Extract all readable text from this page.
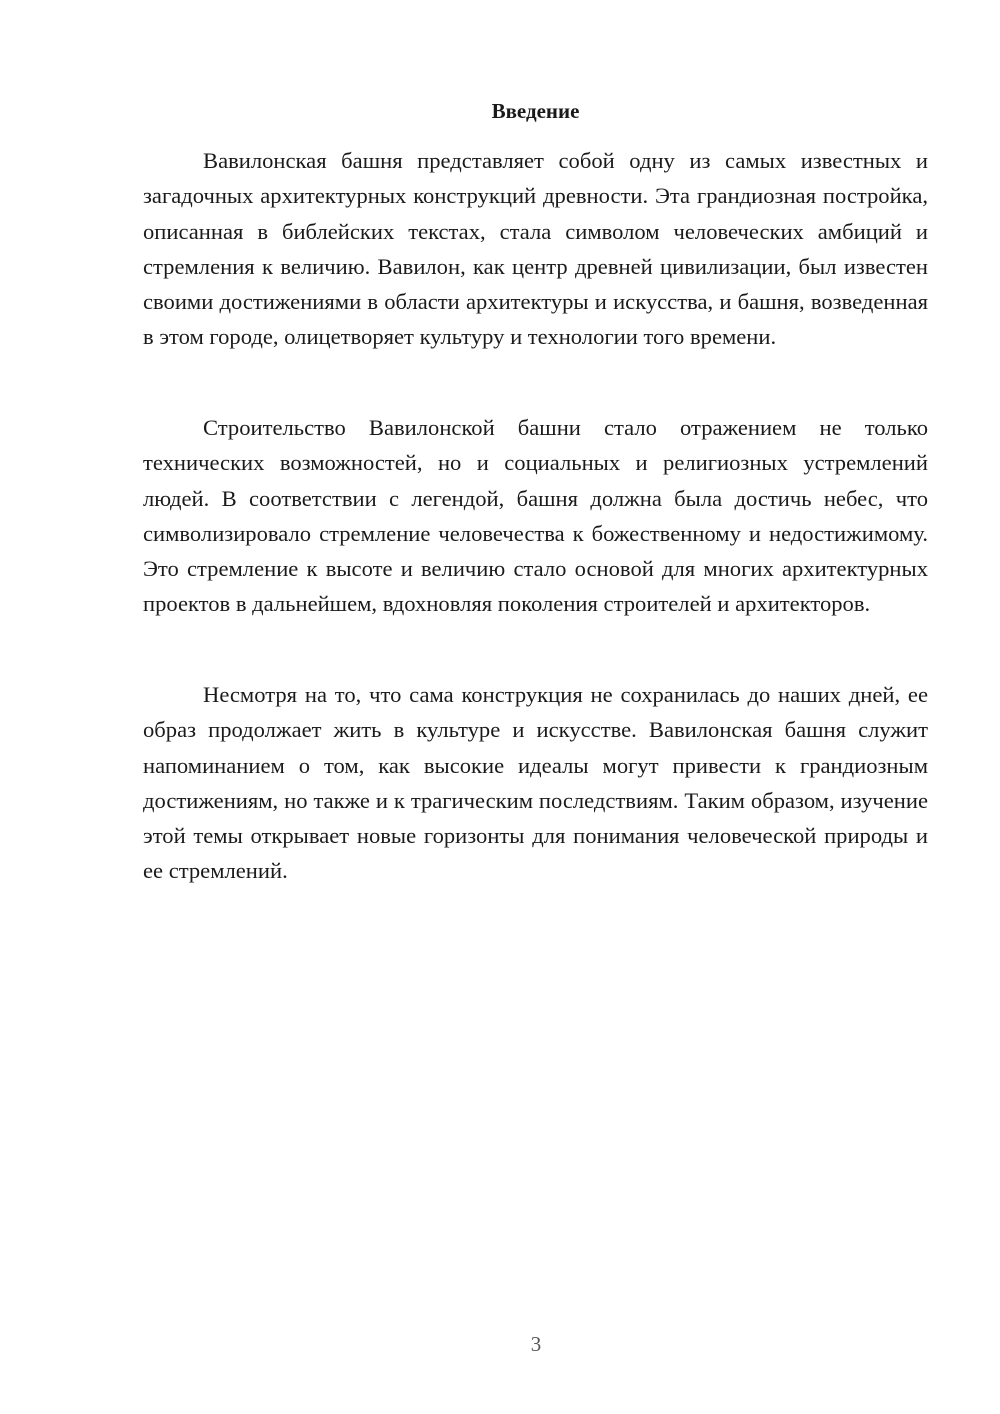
Введение

Вавилонская башня представляет собой одну из самых известных и загадочных архитектурных конструкций древности. Эта грандиозная постройка, описанная в библейских текстах, стала символом человеческих амбиций и стремления к величию. Вавилон, как центр древней цивилизации, был известен своими достижениями в области архитектуры и искусства, и башня, возведенная в этом городе, олицетворяет культуру и технологии того времени.

Строительство Вавилонской башни стало отражением не только технических возможностей, но и социальных и религиозных устремлений людей. В соответствии с легендой, башня должна была достичь небес, что символизировало стремление человечества к божественному и недостижимому. Это стремление к высоте и величию стало основой для многих архитектурных проектов в дальнейшем, вдохновляя поколения строителей и архитекторов.

Несмотря на то, что сама конструкция не сохранилась до наших дней, ее образ продолжает жить в культуре и искусстве. Вавилонская башня служит напоминанием о том, как высокие идеалы могут привести к грандиозным достижениям, но также и к трагическим последствиям. Таким образом, изучение этой темы открывает новые горизонты для понимания человеческой природы и ее стремлений.

3
